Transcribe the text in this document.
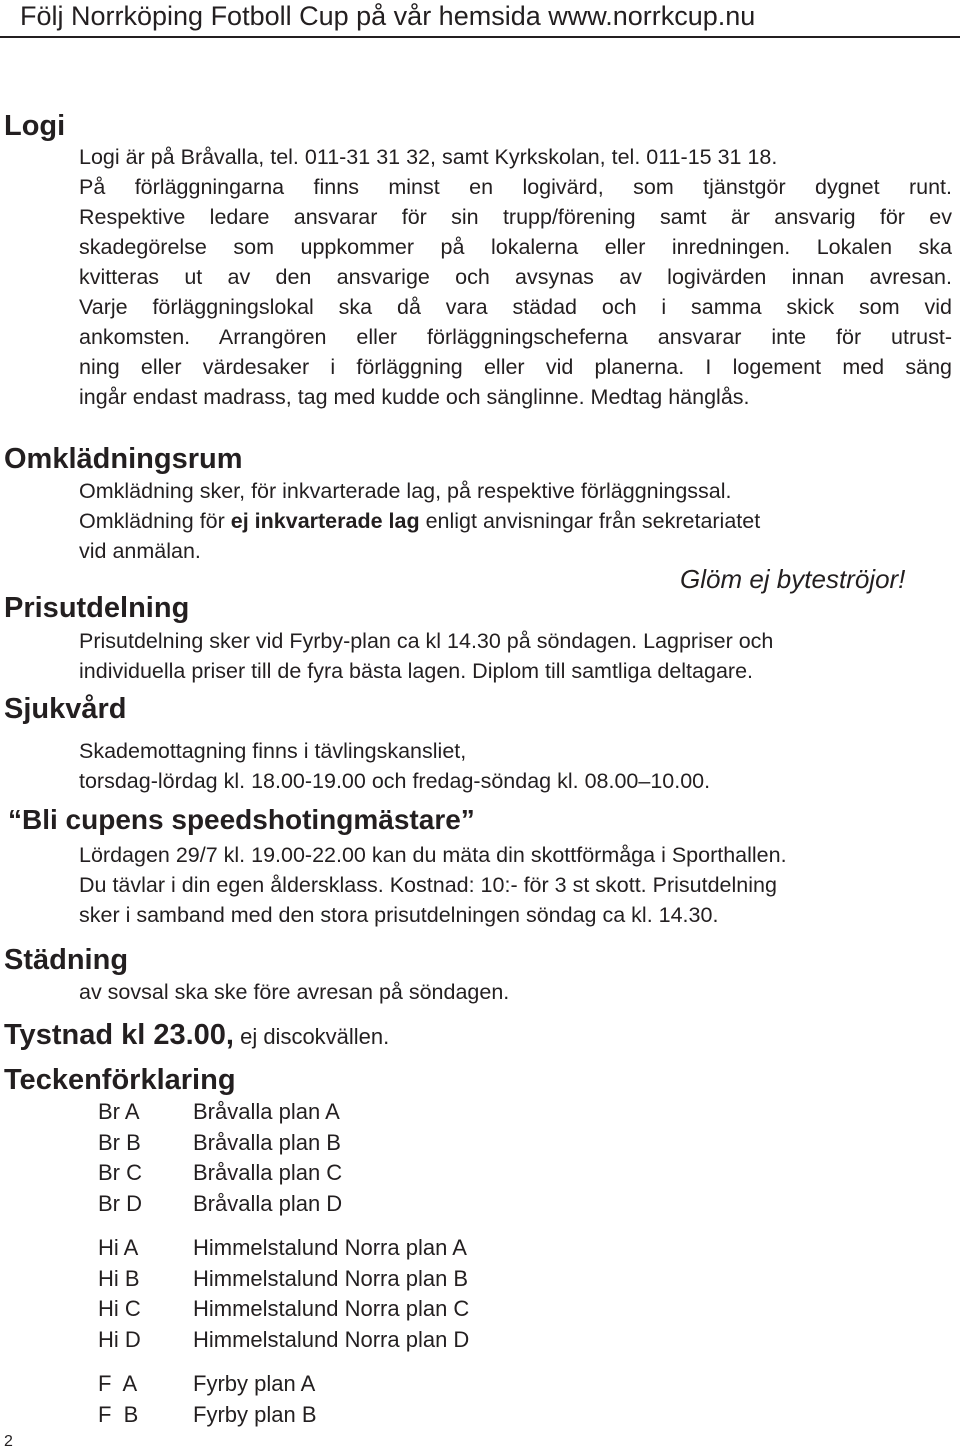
Följ Norrköping Fotboll Cup på vår hemsida www.norrkcup.nu
Logi
Logi är på Bråvalla, tel. 011-31 31 32, samt Kyrkskolan, tel. 011-15 31 18.
På förläggningarna finns minst en logivärd, som tjänstgör dygnet runt.
Respektive ledare ansvarar för sin trupp/förening samt är ansvarig för ev
skadegörelse som uppkommer på lokalerna eller inredningen. Lokalen ska
kvitteras ut av den ansvarige och avsynas av logivärden innan avresan.
Varje förläggningslokal ska då vara städad och i samma skick som vid
ankomsten. Arrangören eller förläggningscheferna ansvarar inte för utrust-
ning eller värdesaker i förläggning eller vid planerna. I logement med säng
ingår endast madrass, tag med kudde och sänglinne. Medtag hänglås.
Omklädningsrum
Omklädning sker, för inkvarterade lag, på respektive förläggningssal.
Omklädning för ej inkvarterade lag enligt anvisningar från sekretariatet
vid anmälan.
Glöm ej byteströjor!
Prisutdelning
Prisutdelning sker vid Fyrby-plan ca kl 14.30 på söndagen. Lagpriser och
individuella priser till de fyra bästa lagen. Diplom till samtliga deltagare.
Sjukvård
Skademottagning finns i tävlingskansliet,
torsdag-lördag kl. 18.00-19.00 och fredag-söndag kl. 08.00–10.00.
“Bli cupens speedshotingmästare”
Lördagen 29/7 kl. 19.00-22.00 kan du mäta din skottförmåga i Sporthallen.
Du tävlar i din egen åldersklass. Kostnad: 10:- för 3 st skott. Prisutdelning
sker i samband med den stora prisutdelningen söndag ca kl. 14.30.
Städning
av sovsal ska ske före avresan på söndagen.
Tystnad kl 23.00, ej discokvällen.
Teckenförklaring
Br A	Bråvalla plan A
Br B	Bråvalla plan B
Br C	Bråvalla plan C
Br D	Bråvalla plan D
Hi A	Himmelstalund Norra plan A
Hi B	Himmelstalund Norra plan B
Hi C	Himmelstalund Norra plan C
Hi D	Himmelstalund Norra plan D
F  A	Fyrby plan A
F  B	Fyrby plan B
2
